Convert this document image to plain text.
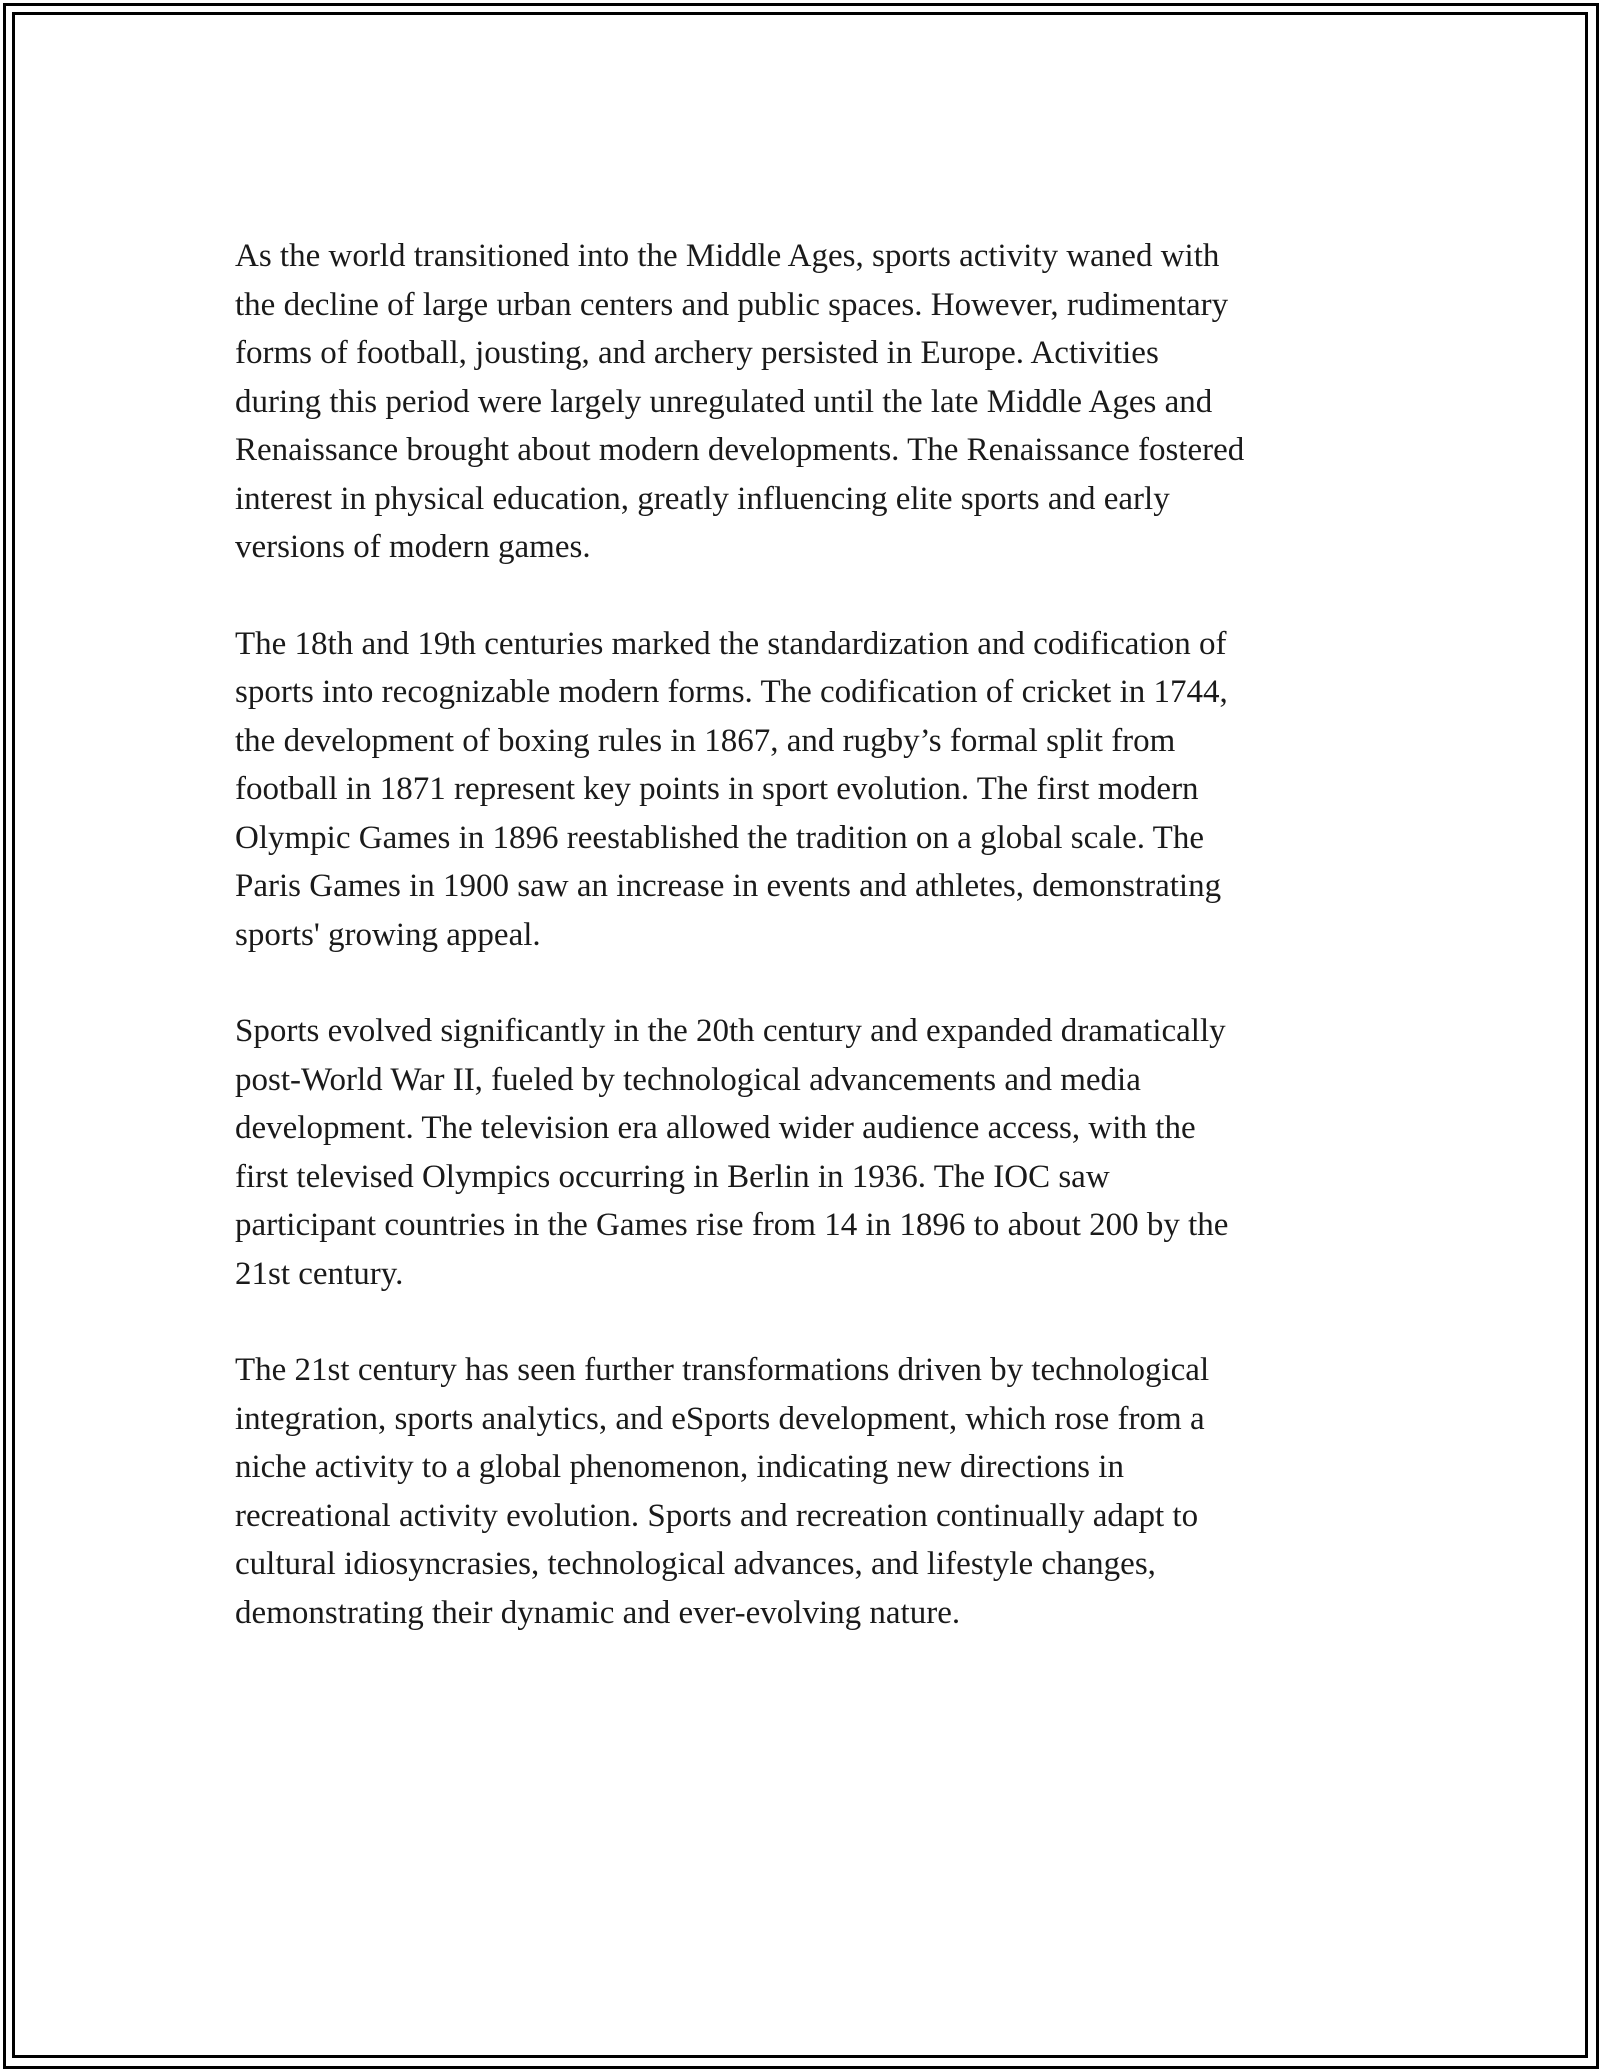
As the world transitioned into the Middle Ages, sports activity waned with
the decline of large urban centers and public spaces. However, rudimentary
forms of football, jousting, and archery persisted in Europe. Activities
during this period were largely unregulated until the late Middle Ages and
Renaissance brought about modern developments. The Renaissance fostered
interest in physical education, greatly influencing elite sports and early
versions of modern games.

The 18th and 19th centuries marked the standardization and codification of
sports into recognizable modern forms. The codification of cricket in 1744,
the development of boxing rules in 1867, and rugby’s formal split from
football in 1871 represent key points in sport evolution. The first modern
Olympic Games in 1896 reestablished the tradition on a global scale. The
Paris Games in 1900 saw an increase in events and athletes, demonstrating
sports' growing appeal.

Sports evolved significantly in the 20th century and expanded dramatically
post-World War II, fueled by technological advancements and media
development. The television era allowed wider audience access, with the
first televised Olympics occurring in Berlin in 1936. The IOC saw
participant countries in the Games rise from 14 in 1896 to about 200 by the
21st century.

The 21st century has seen further transformations driven by technological
integration, sports analytics, and eSports development, which rose from a
niche activity to a global phenomenon, indicating new directions in
recreational activity evolution. Sports and recreation continually adapt to
cultural idiosyncrasies, technological advances, and lifestyle changes,
demonstrating their dynamic and ever-evolving nature.
